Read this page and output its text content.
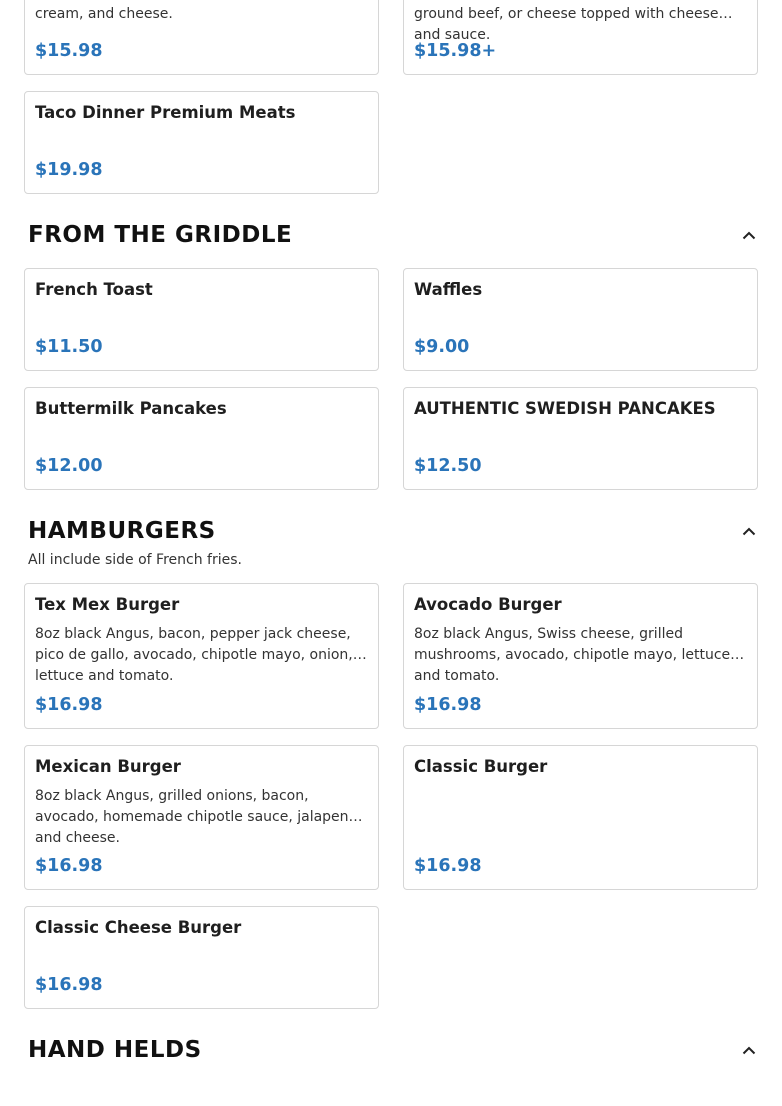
cream, and cheese.
$15.98
ground beef, or cheese topped with cheese and sauce.
$15.98+
Taco Dinner Premium Meats
$19.98
FROM THE GRIDDLE
French Toast
$11.50
Waffles
$9.00
Buttermilk Pancakes
$12.00
AUTHENTIC SWEDISH PANCAKES
$12.50
HAMBURGERS
All include side of French fries.
Tex Mex Burger
8oz black Angus, bacon, pepper jack cheese, pico de gallo, avocado, chipotle mayo, onion, lettuce and tomato.
$16.98
Avocado Burger
8oz black Angus, Swiss cheese, grilled mushrooms, avocado, chipotle mayo, lettuce and tomato.
$16.98
Mexican Burger
8oz black Angus, grilled onions, bacon, avocado, homemade chipotle sauce, jalapenos and cheese.
$16.98
Classic Burger
$16.98
Classic Cheese Burger
$16.98
HAND HELDS
